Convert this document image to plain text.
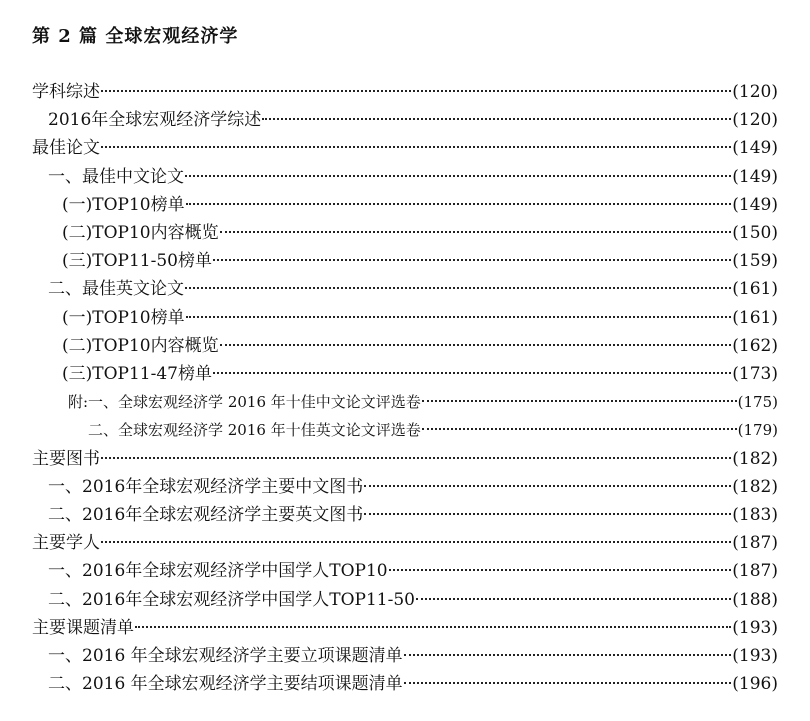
第 2 篇 全球宏观经济学
学科综述	(120)
2016年全球宏观经济学综述	(120)
最佳论文	(149)
一、最佳中文论文	(149)
(一)TOP10榜单	(149)
(二)TOP10内容概览	(150)
(三)TOP11-50榜单	(159)
二、最佳英文论文	(161)
(一)TOP10榜单	(161)
(二)TOP10内容概览	(162)
(三)TOP11-47榜单	(173)
附:一、全球宏观经济学 2016 年十佳中文论文评选卷	(175)
二、全球宏观经济学 2016 年十佳英文论文评选卷	(179)
主要图书	(182)
一、2016年全球宏观经济学主要中文图书	(182)
二、2016年全球宏观经济学主要英文图书	(183)
主要学人	(187)
一、2016年全球宏观经济学中国学人TOP10	(187)
二、2016年全球宏观经济学中国学人TOP11-50	(188)
主要课题清单	(193)
一、2016 年全球宏观经济学主要立项课题清单	(193)
二、2016 年全球宏观经济学主要结项课题清单	(196)
